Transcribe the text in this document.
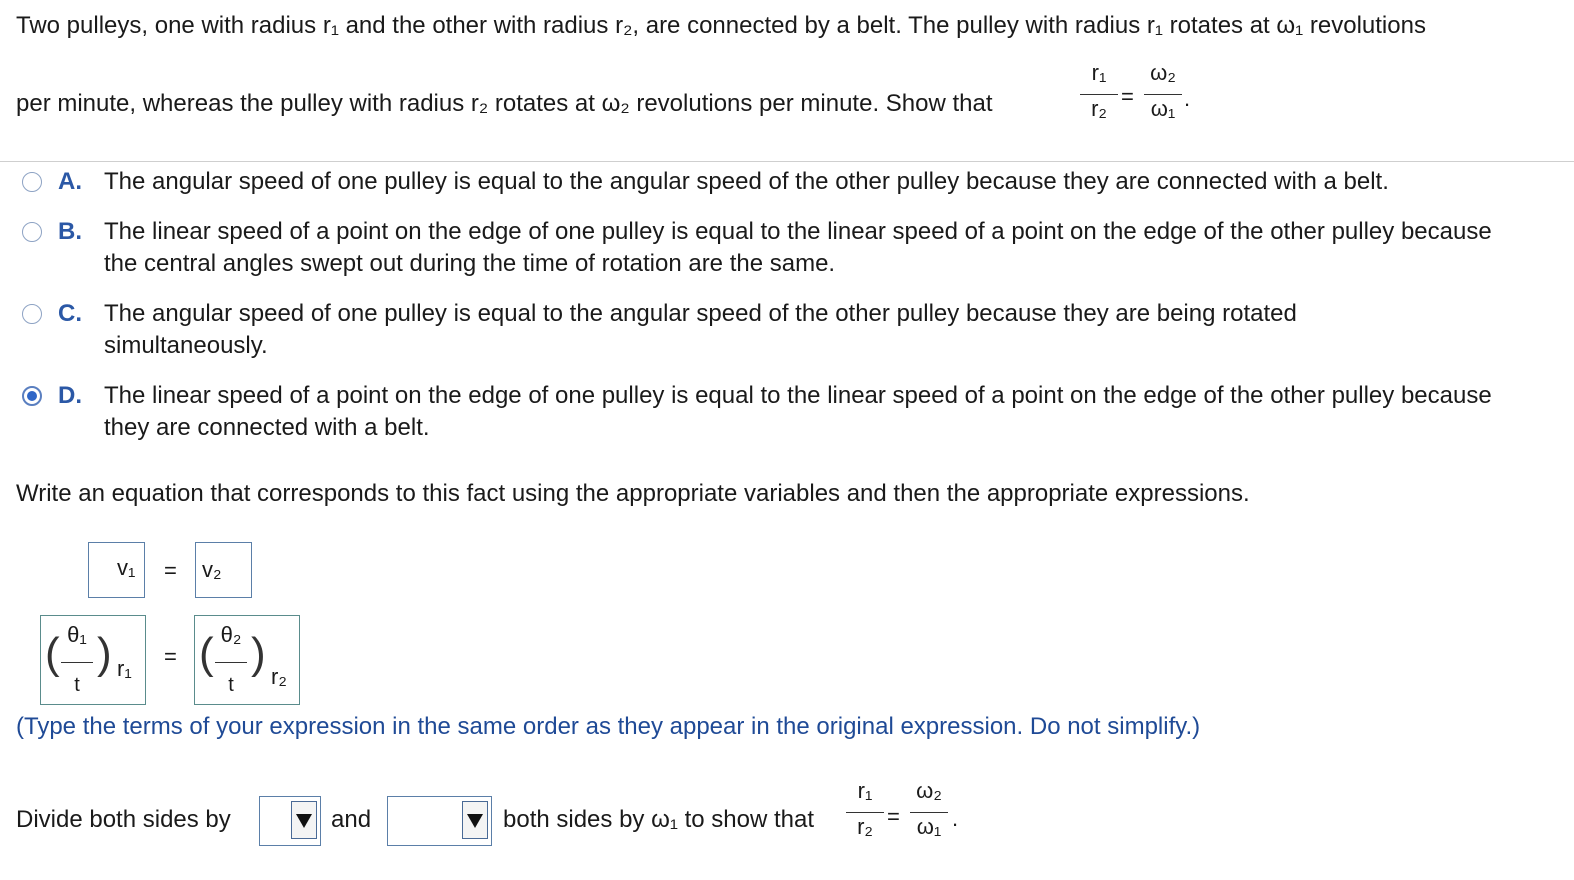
Two pulleys, one with radius r₁ and the other with radius r₂, are connected by a belt. The pulley with radius r₁ rotates at ω₁ revolutions
per minute, whereas the pulley with radius r₂ rotates at ω₂ revolutions per minute. Show that
r₁
r₂ =
ω₂
ω₁ .
A. The angular speed of one pulley is equal to the angular speed of the other pulley because they are connected with a belt.
B. The linear speed of a point on the edge of one pulley is equal to the linear speed of a point on the edge of the other pulley because the central angles swept out during the time of rotation are the same.
C. The angular speed of one pulley is equal to the angular speed of the other pulley because they are being rotated simultaneously.
D. The linear speed of a point on the edge of one pulley is equal to the linear speed of a point on the edge of the other pulley because they are connected with a belt.
Write an equation that corresponds to this fact using the appropriate variables and then the appropriate expressions.
v₁ = v₂
( θ₁
t
) r₁ = ( θ₂
t
) r₂
(Type the terms of your expression in the same order as they appear in the original expression. Do not simplify.)
Divide both sides by	and	both sides by ω₁ to show that
r₁
r₂ =
ω₂
ω₁ .
